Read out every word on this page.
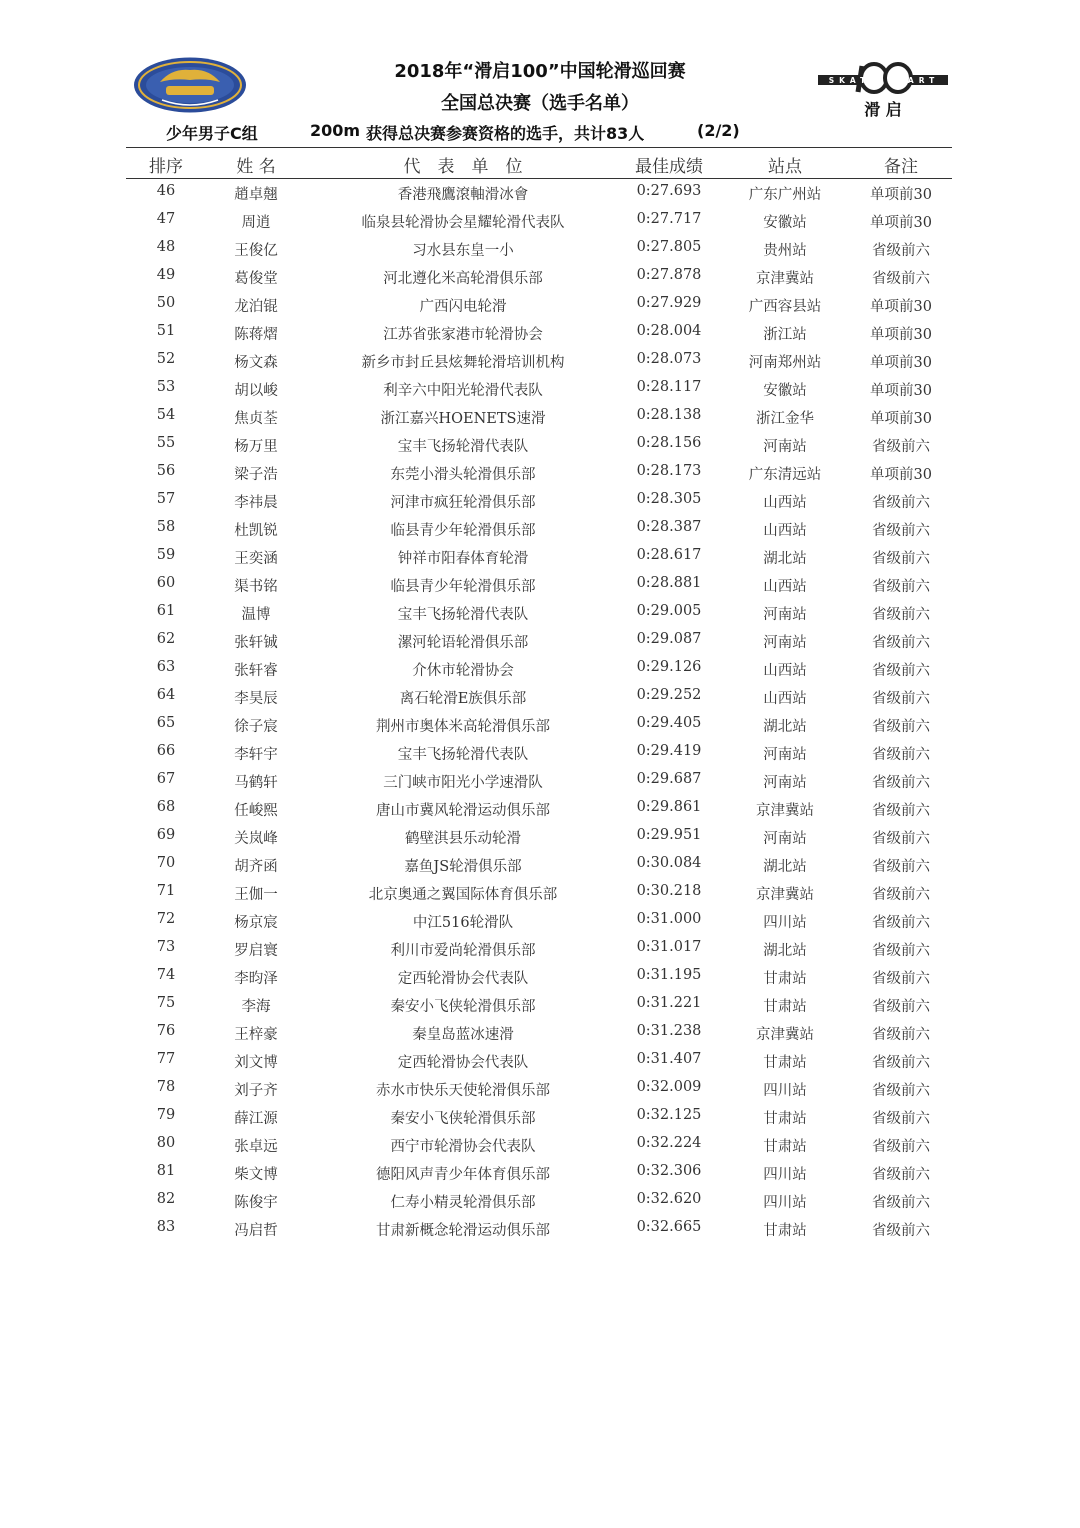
SKATE START
滑 启
2018年“滑启100”中国轮滑巡回赛
全国总决赛（选手名单）
少年男子C组	200m 获得总决赛参赛资格的选手，共计83人	(2/2)
排序	姓 名	代　表　单　位	最佳成绩	站点	备注
46	趙卓翹	香港飛鷹滾軸滑冰會	0:27.693	广东广州站	单项前30
47	周逍	临泉县轮滑协会星耀轮滑代表队	0:27.717	安徽站	单项前30
48	王俊亿	习水县东皇一小	0:27.805	贵州站	省级前六
49	葛俊堂	河北遵化米高轮滑俱乐部	0:27.878	京津冀站	省级前六
50	龙泊锟	广西闪电轮滑	0:27.929	广西容县站	单项前30
51	陈蒋熠	江苏省张家港市轮滑协会	0:28.004	浙江站	单项前30
52	杨文森	新乡市封丘县炫舞轮滑培训机构	0:28.073	河南郑州站	单项前30
53	胡以峻	利辛六中阳光轮滑代表队	0:28.117	安徽站	单项前30
54	焦贞荃	浙江嘉兴HOENETS速滑	0:28.138	浙江金华	单项前30
55	杨万里	宝丰飞扬轮滑代表队	0:28.156	河南站	省级前六
56	梁子浩	东莞小滑头轮滑俱乐部	0:28.173	广东清远站	单项前30
57	李祎晨	河津市疯狂轮滑俱乐部	0:28.305	山西站	省级前六
58	杜凯锐	临县青少年轮滑俱乐部	0:28.387	山西站	省级前六
59	王奕涵	钟祥市阳春体育轮滑	0:28.617	湖北站	省级前六
60	渠书铭	临县青少年轮滑俱乐部	0:28.881	山西站	省级前六
61	温博	宝丰飞扬轮滑代表队	0:29.005	河南站	省级前六
62	张轩铖	漯河轮语轮滑俱乐部	0:29.087	河南站	省级前六
63	张轩睿	介休市轮滑协会	0:29.126	山西站	省级前六
64	李昊辰	离石轮滑E族俱乐部	0:29.252	山西站	省级前六
65	徐子宸	荆州市奥体米高轮滑俱乐部	0:29.405	湖北站	省级前六
66	李轩宇	宝丰飞扬轮滑代表队	0:29.419	河南站	省级前六
67	马鹤轩	三门峡市阳光小学速滑队	0:29.687	河南站	省级前六
68	任峻熙	唐山市冀风轮滑运动俱乐部	0:29.861	京津冀站	省级前六
69	关岚峰	鹤壁淇县乐动轮滑	0:29.951	河南站	省级前六
70	胡齐函	嘉鱼JS轮滑俱乐部	0:30.084	湖北站	省级前六
71	王伽一	北京奥通之翼国际体育俱乐部	0:30.218	京津冀站	省级前六
72	杨京宸	中江516轮滑队	0:31.000	四川站	省级前六
73	罗启寰	利川市爱尚轮滑俱乐部	0:31.017	湖北站	省级前六
74	李昀泽	定西轮滑协会代表队	0:31.195	甘肃站	省级前六
75	李海	秦安小飞侠轮滑俱乐部	0:31.221	甘肃站	省级前六
76	王梓豪	秦皇岛蓝冰速滑	0:31.238	京津冀站	省级前六
77	刘文博	定西轮滑协会代表队	0:31.407	甘肃站	省级前六
78	刘子齐	赤水市快乐天使轮滑俱乐部	0:32.009	四川站	省级前六
79	薛江源	秦安小飞侠轮滑俱乐部	0:32.125	甘肃站	省级前六
80	张卓远	西宁市轮滑协会代表队	0:32.224	甘肃站	省级前六
81	柴文博	德阳风声青少年体育俱乐部	0:32.306	四川站	省级前六
82	陈俊宇	仁寿小精灵轮滑俱乐部	0:32.620	四川站	省级前六
83	冯启哲	甘肃新概念轮滑运动俱乐部	0:32.665	甘肃站	省级前六
